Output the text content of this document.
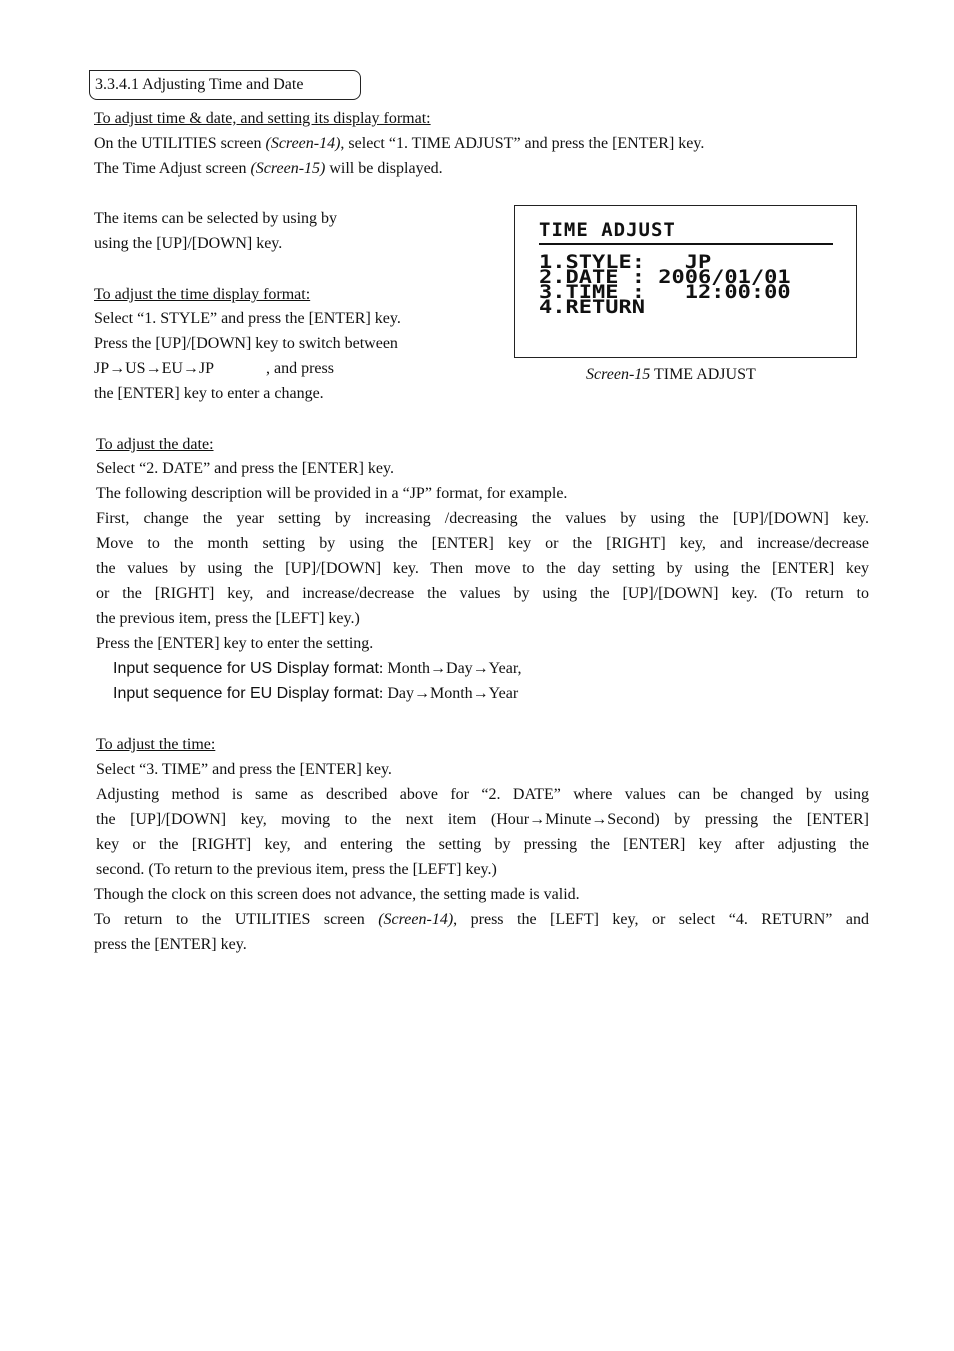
3.3.4.1 Adjusting Time and Date
To adjust time & date, and setting its display format:
On the UTILITIES screen (Screen-14), select “1. TIME ADJUST” and press the [ENTER] key.
The Time Adjust screen (Screen-15) will be displayed.
The items can be selected by using by
using the [UP]/[DOWN] key.
To adjust the time display format:
Select “1. STYLE” and press the [ENTER] key.
Press the [UP]/[DOWN] key to switch between
JP→US→EU→JP	, and press
the [ENTER] key to enter a change.
TIME ADJUST
1.STYLE:   JP
2.DATE : 2006/01/01
3.TIME :   12:00:00
4.RETURN
Screen-15 TIME ADJUST
To adjust the date:
Select “2. DATE” and press the [ENTER] key.
The following description will be provided in a “JP” format, for example.
First, change the year setting by increasing /decreasing the values by using the [UP]/[DOWN] key.
Move to the month setting by using the [ENTER] key or the [RIGHT] key, and increase/decrease
the values by using the [UP]/[DOWN] key. Then move to the day setting by using the [ENTER] key
or the [RIGHT] key, and increase/decrease the values by using the [UP]/[DOWN] key. (To return to
the previous item, press the [LEFT] key.)
Press the [ENTER] key to enter the setting.
Input sequence for US Display format: Month→Day→Year,
Input sequence for EU Display format: Day→Month→Year
To adjust the time:
Select “3. TIME” and press the [ENTER] key.
Adjusting method is same as described above for “2. DATE” where values can be changed by using
the [UP]/[DOWN] key, moving to the next item (Hour→Minute→Second) by pressing the [ENTER]
key or the [RIGHT] key, and entering the setting by pressing the [ENTER] key after adjusting the
second. (To return to the previous item, press the [LEFT] key.)
Though the clock on this screen does not advance, the setting made is valid.
To return to the UTILITIES screen (Screen-14), press the [LEFT] key, or select “4. RETURN” and
press the [ENTER] key.
